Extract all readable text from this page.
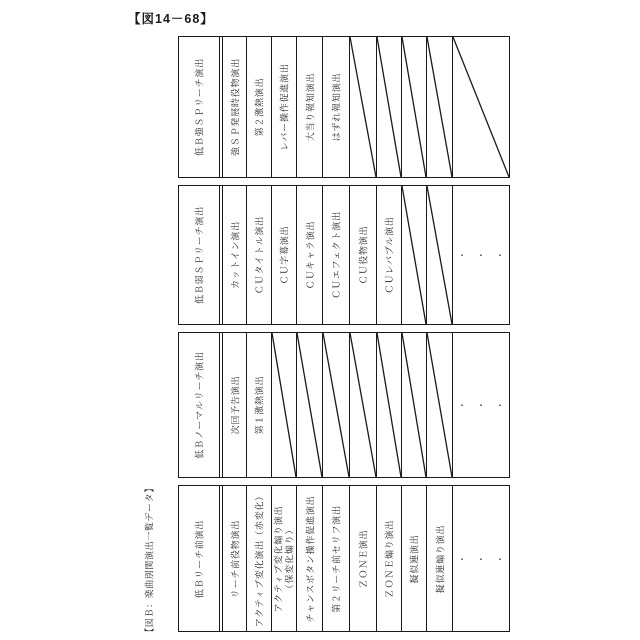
【図14－68】
【図Ｂ：楽曲別関演出一覧データ】
低Ｂ強ＳＰリーチ演出	強ＳＰ発展時役物演出 第２激熱演出 レバー操作促進演出 大当り報知演出 はずれ報知演出
低Ｂ弱ＳＰリーチ演出	カットイン演出 ＣＵタイトル演出 ＣＵ字幕演出 ＣＵキャラ演出 ＣＵエフェクト演出 ＣＵ役物演出 ＣＵレバブル演出	・・・
低Ｂノーマルリーチ演出	次回予告演出 第１激熱演出	・・・
低Ｂリーチ前演出	リーチ前役物演出 アクティブ変化演出（赤変化） アクティブ変化煽り演出 （保変化煽り） チャンスボタン操作促進演出 第２リーチ前セリフ演出 ＺＯＮＥ演出 ＺＯＮＥ煽り演出 擬似連演出 擬似連煽り演出 ・・・
